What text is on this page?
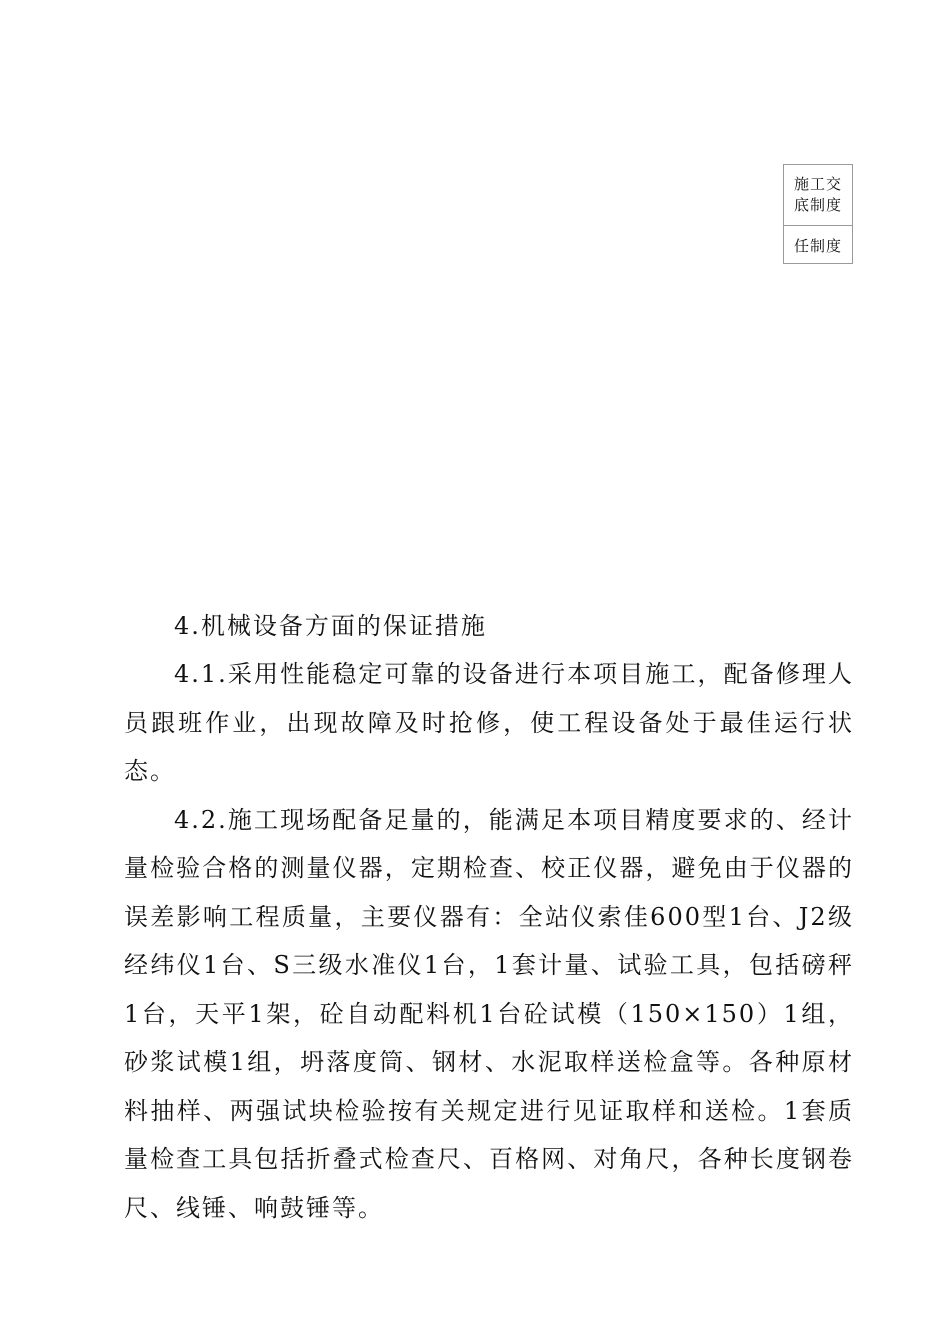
施工交
底制度
任制度

4.机械设备方面的保证措施

4.1.采用性能稳定可靠的设备进行本项目施工，配备修理人员跟班作业，出现故障及时抢修，使工程设备处于最佳运行状态。

4.2.施工现场配备足量的，能满足本项目精度要求的、经计量检验合格的测量仪器，定期检查、校正仪器，避免由于仪器的误差影响工程质量，主要仪器有：全站仪索佳600型1台、J2级经纬仪1台、S三级水准仪1台，1套计量、试验工具，包括磅秤1台，天平1架，砼自动配料机1台砼试模（150×150）1组，砂浆试模1组，坍落度筒、钢材、水泥取样送检盒等。各种原材料抽样、两强试块检验按有关规定进行见证取样和送检。1套质量检查工具包括折叠式检查尺、百格网、对角尺，各种长度钢卷尺、线锤、响鼓锤等。
